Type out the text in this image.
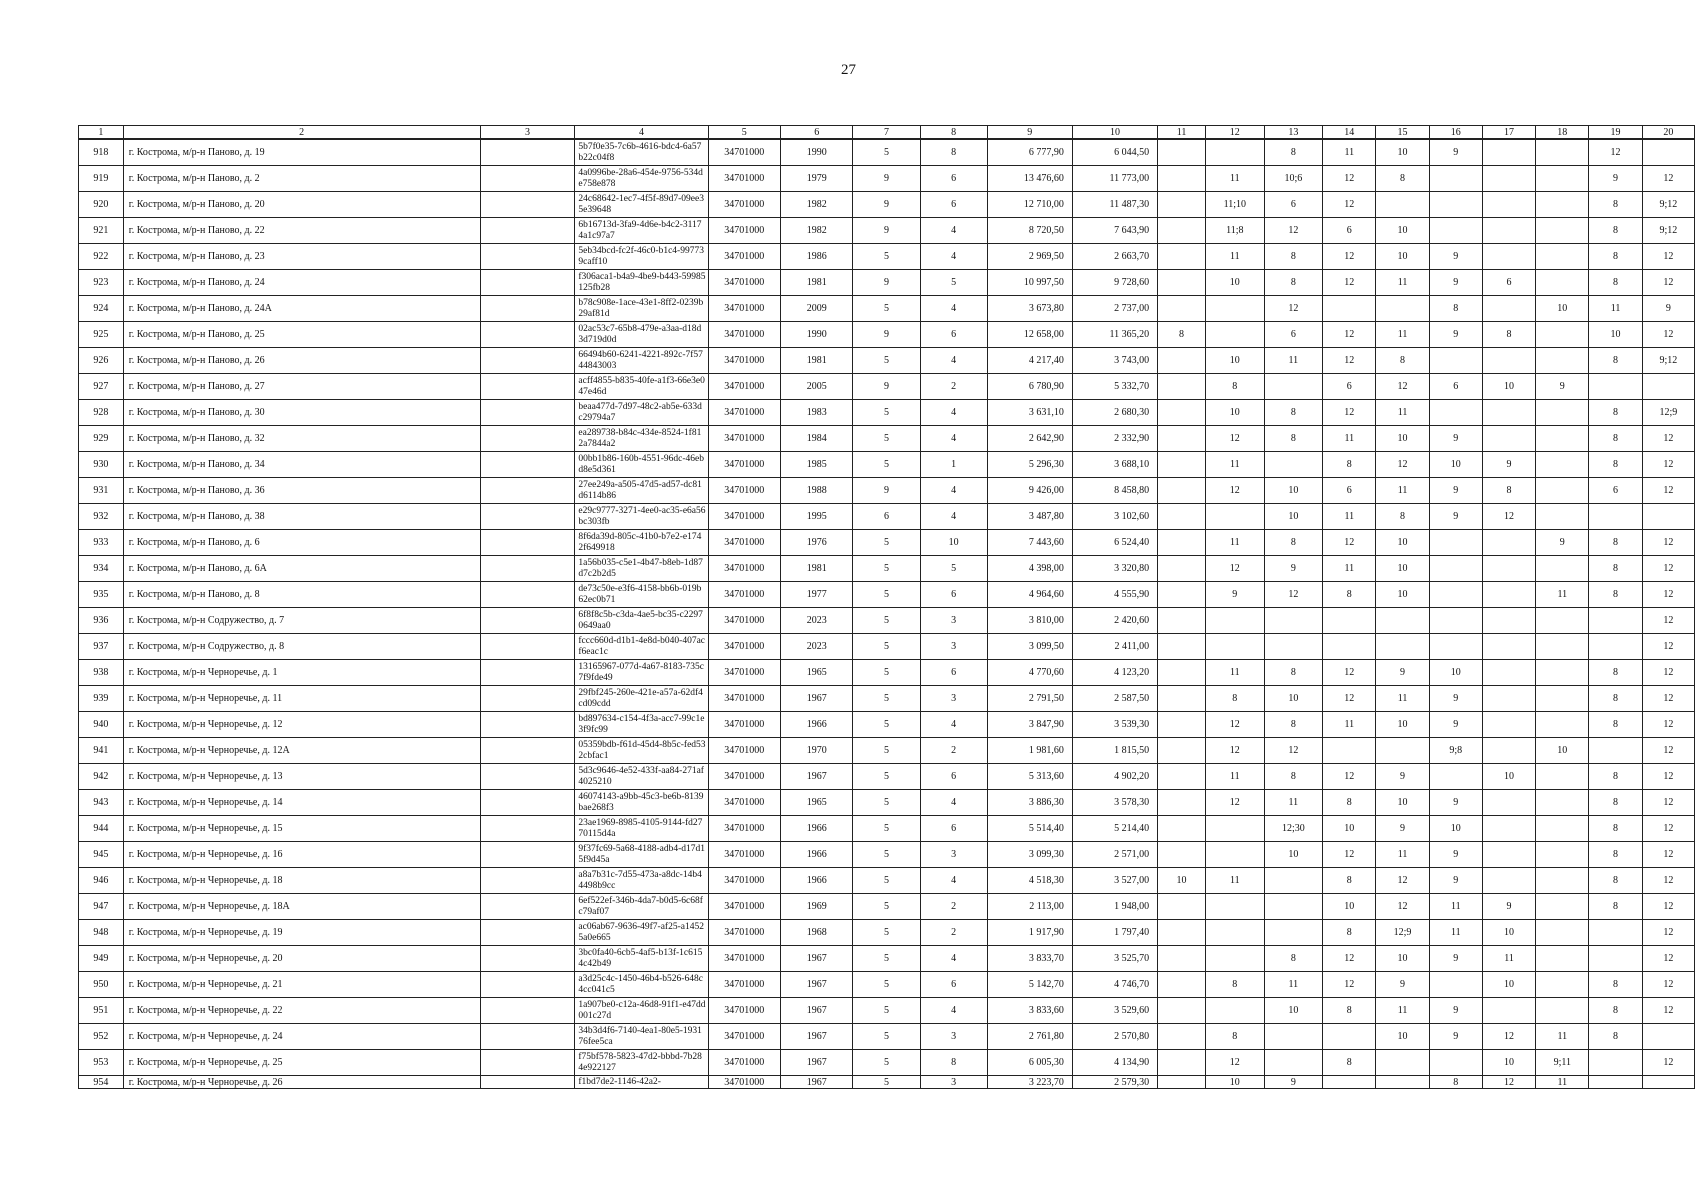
27
1	2	3	4	5	6	7	8	9	10	11	12	13	14	15	16	17	18	19	20
918	г. Кострома, м/р-н Паново, д. 19		5b7f0e35-7c6b-4616-bdc4-6a57b22c04f8	34701000	1990	5	8	6 777,90	6 044,50			8	11	10	9			12	
919	г. Кострома, м/р-н Паново, д. 2		4a0996be-28a6-454e-9756-534de758e878	34701000	1979	9	6	13 476,60	11 773,00		11	10;6	12	8				9	12
920	г. Кострома, м/р-н Паново, д. 20		24c68642-1ec7-4f5f-89d7-09ee35e39648	34701000	1982	9	6	12 710,00	11 487,30		11;10	6	12					8	9;12
921	г. Кострома, м/р-н Паново, д. 22		6b16713d-3fa9-4d6e-b4c2-31174a1c97a7	34701000	1982	9	4	8 720,50	7 643,90		11;8	12	6	10				8	9;12
922	г. Кострома, м/р-н Паново, д. 23		5eb34bcd-fc2f-46c0-b1c4-997739caff10	34701000	1986	5	4	2 969,50	2 663,70		11	8	12	10	9			8	12
923	г. Кострома, м/р-н Паново, д. 24		f306aca1-b4a9-4be9-b443-59985125fb28	34701000	1981	9	5	10 997,50	9 728,60		10	8	12	11	9	6		8	12
924	г. Кострома, м/р-н Паново, д. 24А		b78c908e-1ace-43e1-8ff2-0239b29af81d	34701000	2009	5	4	3 673,80	2 737,00			12			8		10	11	9
925	г. Кострома, м/р-н Паново, д. 25		02ac53c7-65b8-479e-a3aa-d18d3d719d0d	34701000	1990	9	6	12 658,00	11 365,20	8		6	12	11	9	8		10	12
926	г. Кострома, м/р-н Паново, д. 26		66494b60-6241-4221-892c-7f5744843003	34701000	1981	5	4	4 217,40	3 743,00		10	11	12	8				8	9;12
927	г. Кострома, м/р-н Паново, д. 27		acff4855-b835-40fe-a1f3-66e3e047e46d	34701000	2005	9	2	6 780,90	5 332,70		8		6	12	6	10	9		
928	г. Кострома, м/р-н Паново, д. 30		beaa477d-7d97-48c2-ab5e-633dc29794a7	34701000	1983	5	4	3 631,10	2 680,30		10	8	12	11				8	12;9
929	г. Кострома, м/р-н Паново, д. 32		ea289738-b84c-434e-8524-1f812a7844a2	34701000	1984	5	4	2 642,90	2 332,90		12	8	11	10	9			8	12
930	г. Кострома, м/р-н Паново, д. 34		00bb1b86-160b-4551-96dc-46ebd8e5d361	34701000	1985	5	1	5 296,30	3 688,10		11		8	12	10	9		8	12
931	г. Кострома, м/р-н Паново, д. 36		27ee249a-a505-47d5-ad57-dc81d6114b86	34701000	1988	9	4	9 426,00	8 458,80		12	10	6	11	9	8		6	12
932	г. Кострома, м/р-н Паново, д. 38		e29c9777-3271-4ee0-ac35-e6a56bc303fb	34701000	1995	6	4	3 487,80	3 102,60			10	11	8	9	12			
933	г. Кострома, м/р-н Паново, д. 6		8f6da39d-805c-41b0-b7e2-e1742f649918	34701000	1976	5	10	7 443,60	6 524,40		11	8	12	10			9	8	12
934	г. Кострома, м/р-н Паново, д. 6А		1a56b035-c5e1-4b47-b8eb-1d87d7c2b2d5	34701000	1981	5	5	4 398,00	3 320,80		12	9	11	10				8	12
935	г. Кострома, м/р-н Паново, д. 8		de73c50e-e3f6-4158-bb6b-019b62ec0b71	34701000	1977	5	6	4 964,60	4 555,90		9	12	8	10			11	8	12
936	г. Кострома, м/р-н Содружество, д. 7		6f8f8c5b-c3da-4ae5-bc35-c22970649aa0	34701000	2023	5	3	3 810,00	2 420,60										12
937	г. Кострома, м/р-н Содружество, д. 8		fccc660d-d1b1-4e8d-b040-407acf6eac1c	34701000	2023	5	3	3 099,50	2 411,00										12
938	г. Кострома, м/р-н Черноречье, д. 1		13165967-077d-4a67-8183-735c7f9fde49	34701000	1965	5	6	4 770,60	4 123,20		11	8	12	9	10			8	12
939	г. Кострома, м/р-н Черноречье, д. 11		29fbf245-260e-421e-a57a-62df4cd09cdd	34701000	1967	5	3	2 791,50	2 587,50		8	10	12	11	9			8	12
940	г. Кострома, м/р-н Черноречье, д. 12		bd897634-c154-4f3a-acc7-99c1e3f9fc99	34701000	1966	5	4	3 847,90	3 539,30		12	8	11	10	9			8	12
941	г. Кострома, м/р-н Черноречье, д. 12А		05359bdb-f61d-45d4-8b5c-fed532cbfac1	34701000	1970	5	2	1 981,60	1 815,50		12	12			9;8		10		12
942	г. Кострома, м/р-н Черноречье, д. 13		5d3c9646-4e52-433f-aa84-271af4025210	34701000	1967	5	6	5 313,60	4 902,20		11	8	12	9		10		8	12
943	г. Кострома, м/р-н Черноречье, д. 14		46074143-a9bb-45c3-be6b-8139bae268f3	34701000	1965	5	4	3 886,30	3 578,30		12	11	8	10	9			8	12
944	г. Кострома, м/р-н Черноречье, д. 15		23ae1969-8985-4105-9144-fd2770115d4a	34701000	1966	5	6	5 514,40	5 214,40			12;30	10	9	10			8	12
945	г. Кострома, м/р-н Черноречье, д. 16		9f37fc69-5a68-4188-adb4-d17d15f9d45a	34701000	1966	5	3	3 099,30	2 571,00			10	12	11	9			8	12
946	г. Кострома, м/р-н Черноречье, д. 18		a8a7b31c-7d55-473a-a8dc-14b44498b9cc	34701000	1966	5	4	4 518,30	3 527,00	10	11		8	12	9			8	12
947	г. Кострома, м/р-н Черноречье, д. 18А		6ef522ef-346b-4da7-b0d5-6c68fc79af07	34701000	1969	5	2	2 113,00	1 948,00				10	12	11	9		8	12
948	г. Кострома, м/р-н Черноречье, д. 19		ac06ab67-9636-49f7-af25-a14525a0e665	34701000	1968	5	2	1 917,90	1 797,40				8	12;9	11	10			12
949	г. Кострома, м/р-н Черноречье, д. 20		3bc0fa40-6cb5-4af5-b13f-1c6154c42b49	34701000	1967	5	4	3 833,70	3 525,70			8	12	10	9	11			12
950	г. Кострома, м/р-н Черноречье, д. 21		a3d25c4c-1450-46b4-b526-648c4cc041c5	34701000	1967	5	6	5 142,70	4 746,70		8	11	12	9		10		8	12
951	г. Кострома, м/р-н Черноречье, д. 22		1a907be0-c12a-46d8-91f1-e47dd001c27d	34701000	1967	5	4	3 833,60	3 529,60			10	8	11	9			8	12
952	г. Кострома, м/р-н Черноречье, д. 24		34b3d4f6-7140-4ea1-80e5-193176fee5ca	34701000	1967	5	3	2 761,80	2 570,80		8			10	9	12	11	8	
953	г. Кострома, м/р-н Черноречье, д. 25		f75bf578-5823-47d2-bbbd-7b284e922127	34701000	1967	5	8	6 005,30	4 134,90		12		8			10	9;11		12
954	г. Кострома, м/р-н Черноречье, д. 26		f1bd7de2-1146-42a2-	34701000	1967	5	3	3 223,70	2 579,30		10	9			8	12	11		
